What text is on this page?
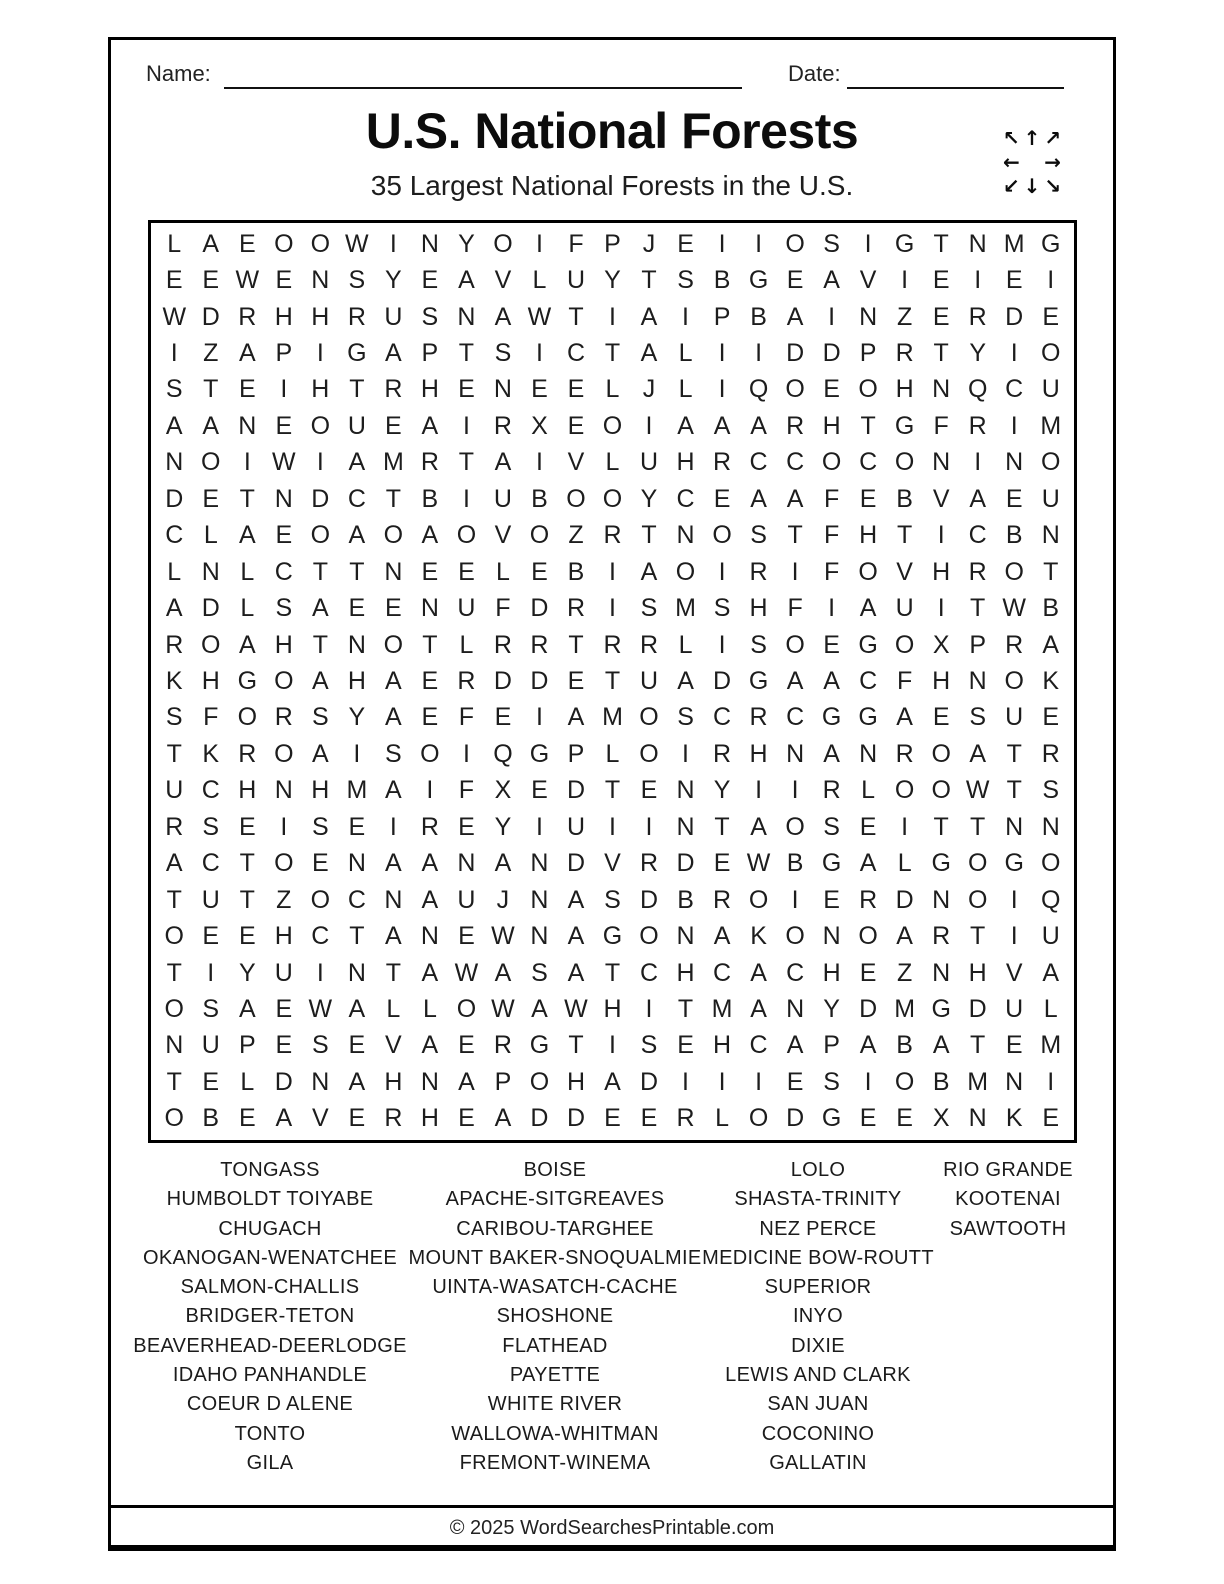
Name:	Date:
U.S. National Forests
35 Largest National Forests in the U.S.
↖ ↑ ↗
← →
↙ ↓ ↘
L A E O O W I N Y O I	F P J E I	I O S I G T N M G
E E W E N S Y E A V L U Y T S B G E A V I E I E I
W D R H H R U S N A W T	I A I P B A I N Z E R D E
I	Z A P I G A P T S I C T A L	I	I D D P R T Y I O
S T E I H T R H E N E E L J L	I Q O E O H N Q C U
A A N E O U E A I R X E O I A A A R H T G F R I M
N O I W I A M R T A I V L U H R C C O C O N I N O
D E T N D C T B I U B O O Y C E A A F E B V A E U
C L A E O A O A O V O Z R T N O S T F H T	I C B N
L N L C T T N E E L E B I A O I R I	F O V H R O T
A D L S A E E N U F D R I S M S H F	I A U I	T W B
R O A H T N O T L R R T R R L	I S O E G O X P R A
K H G O A H A E R D D E T U A D G A A C F H N O K
S F O R S Y A E F E I A M O S C R C G G A E S U E
T K R O A I S O I Q G P L O I R H N A N R O A T R
U C H N H M A I	F X E D T E N Y I	I R L O O W T S
R S E I S E I R E Y I U I	I N T A O S E I	T T N N
A C T O E N A A N A N D V R D E W B G A L G O G O
T U T Z O C N A U J N A S D B R O I E R D N O I Q
O E E H C T A N E W N A G O N A K O N O A R T	I U
T	I Y U I N T A W A S A T C H C A C H E Z N H V A
O S A E W A L L O W A W H I	T M A N Y D M G D U L
N U P E S E V A E R G T	I S E H C A P A B A T E M
T E L D N A H N A P O H A D I	I	I E S I O B M N I
O B E A V E R H E A D D E E R L O D G E E X N K E
TONGASS
HUMBOLDT TOIYABE
CHUGACH
OKANOGAN-WENATCHEE
SALMON-CHALLIS
BRIDGER-TETON
BEAVERHEAD-DEERLODGE
IDAHO PANHANDLE
COEUR D ALENE
TONTO
GILA
BOISE
APACHE-SITGREAVES
CARIBOU-TARGHEE
MOUNT BAKER-SNOQUALMIE
UINTA-WASATCH-CACHE
SHOSHONE
FLATHEAD
PAYETTE
WHITE RIVER
WALLOWA-WHITMAN
FREMONT-WINEMA
LOLO
SHASTA-TRINITY
NEZ PERCE
MEDICINE BOW-ROUTT
SUPERIOR
INYO
DIXIE
LEWIS AND CLARK
SAN JUAN
COCONINO
GALLATIN
RIO GRANDE
KOOTENAI
SAWTOOTH
© 2025 WordSearchesPrintable.com
